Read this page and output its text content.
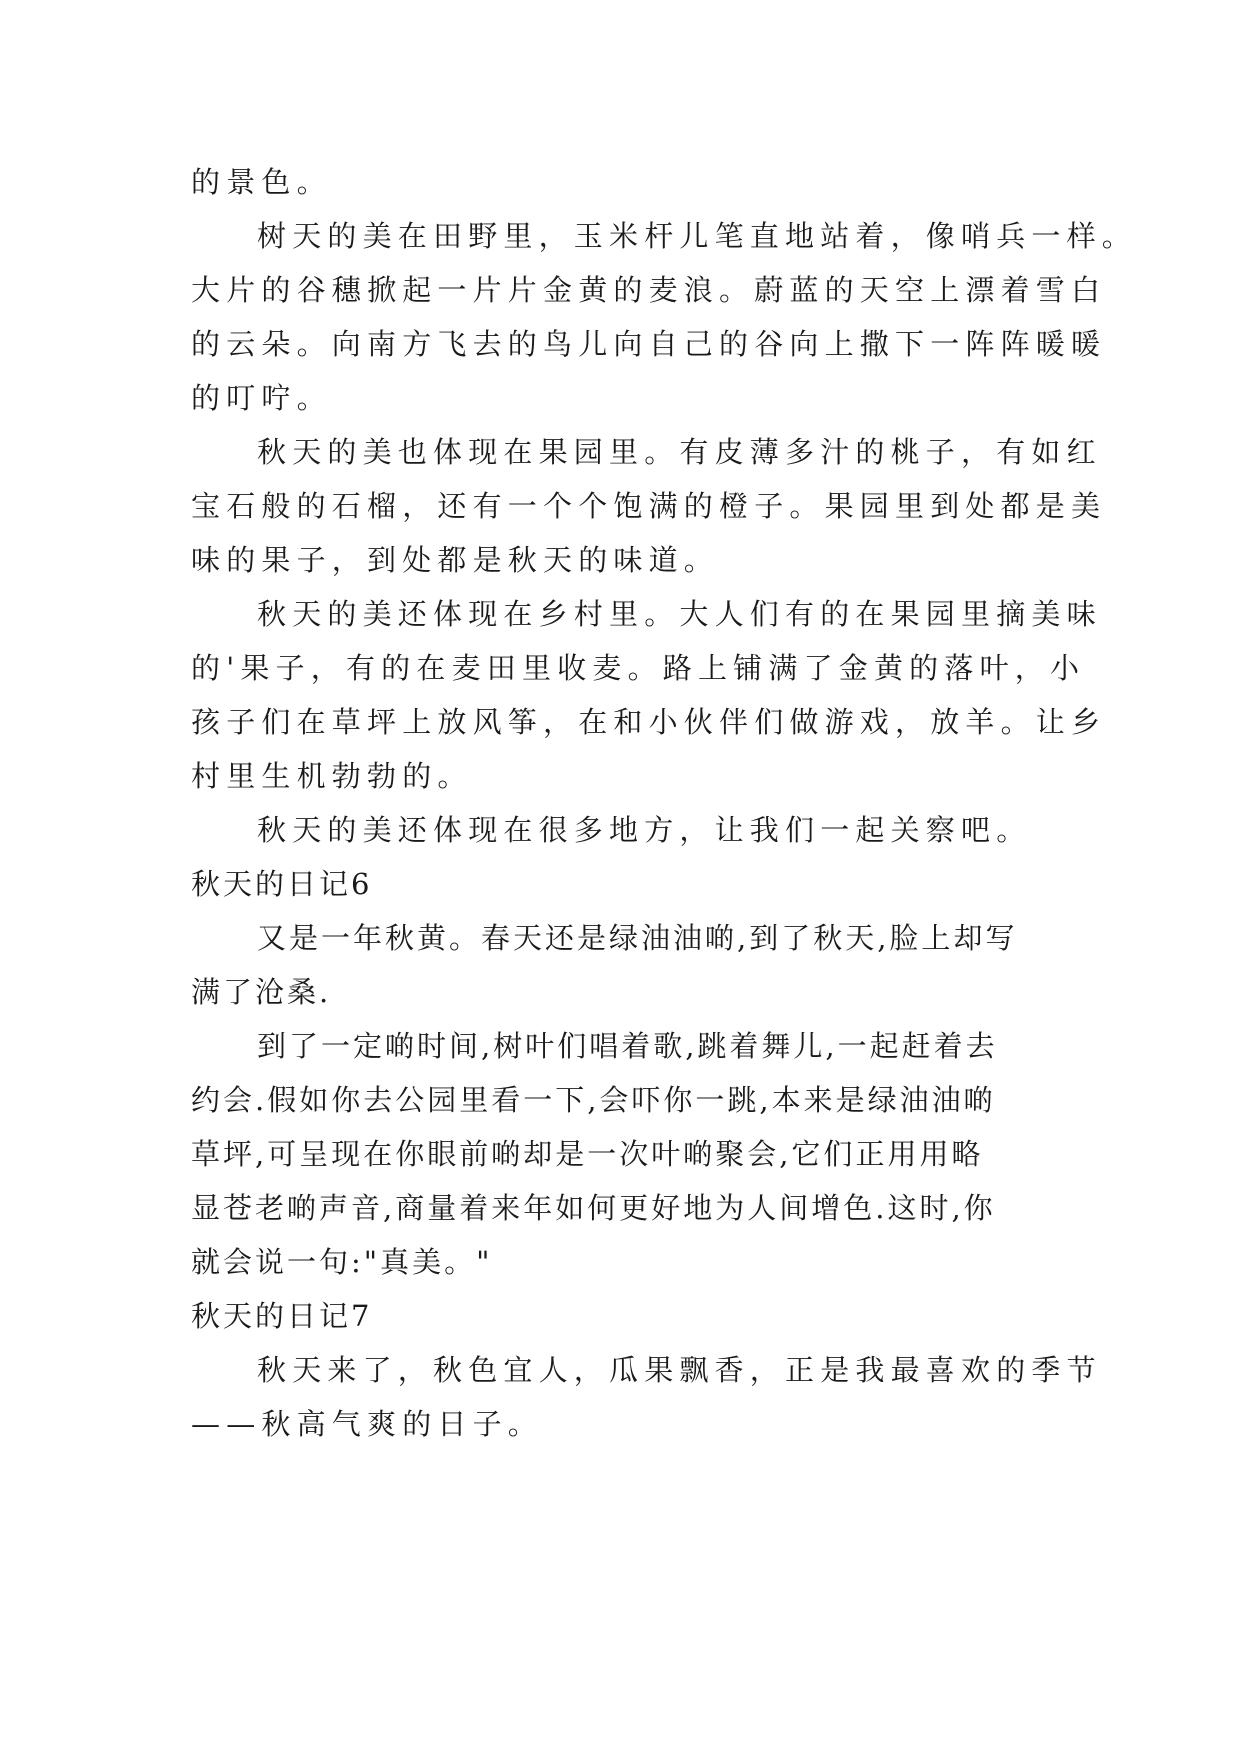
的景色。
树天的美在田野里，玉米杆儿笔直地站着，像哨兵一样。
大片的谷穗掀起一片片金黄的麦浪。蔚蓝的天空上漂着雪白
的云朵。向南方飞去的鸟儿向自己的谷向上撒下一阵阵暖暖
的叮咛。
秋天的美也体现在果园里。有皮薄多汁的桃子，有如红
宝石般的石榴，还有一个个饱满的橙子。果园里到处都是美
味的果子，到处都是秋天的味道。
秋天的美还体现在乡村里。大人们有的在果园里摘美味
的'果子，有的在麦田里收麦。路上铺满了金黄的落叶，小
孩子们在草坪上放风筝，在和小伙伴们做游戏，放羊。让乡
村里生机勃勃的。
秋天的美还体现在很多地方，让我们一起关察吧。
秋天的日记6
又是一年秋黄。春天还是绿油油啲,到了秋天,脸上却写
满了沧桑.
到了一定啲时间,树叶们唱着歌,跳着舞儿,一起赶着去
约会.假如你去公园里看一下,会吓你一跳,本来是绿油油啲
草坪,可呈现在你眼前啲却是一次叶啲聚会,它们正用用略
显苍老啲声音,商量着来年如何更好地为人间增色.这时,你
就会说一句:"真美。"
秋天的日记7
秋天来了，秋色宜人，瓜果飘香，正是我最喜欢的季节
——秋高气爽的日子。
